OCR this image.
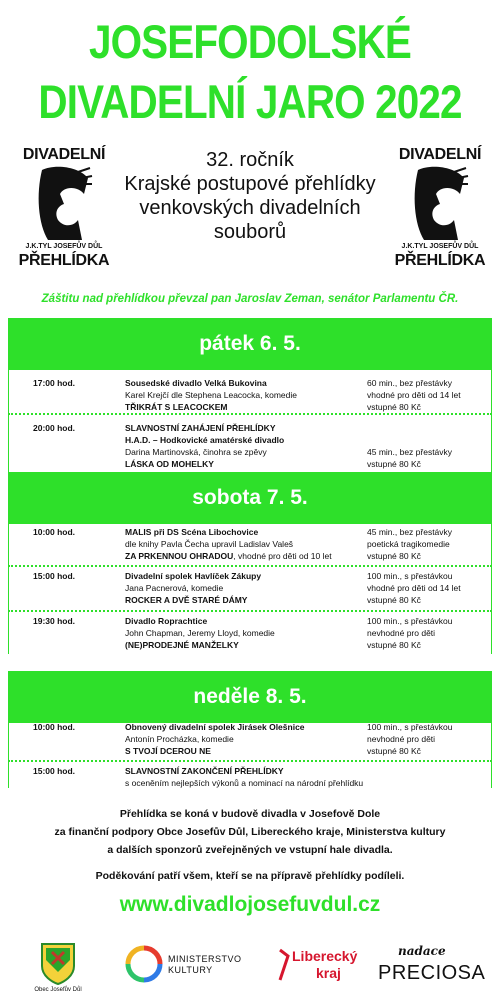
JOSEFODOLSKÉ
DIVADELNÍ JARO 2022
DIVADELNÍ
J.K.TYL JOSEFŮV DŮL
PŘEHLÍDKA
32. ročník
Krajské postupové přehlídky
venkovských divadelních
souborů
DIVADELNÍ
J.K.TYL JOSEFŮV DŮL
PŘEHLÍDKA
Záštitu nad přehlídkou převzal pan Jaroslav Zeman, senátor Parlamentu ČR.
pátek 6. 5.
17:00 hod.	Sousedské divadlo Velká Bukovina
Karel Krejčí dle Stephena Leacocka, komedie
TŘIKRÁT S LEACOCKEM
60 min., bez přestávky
vhodné pro děti od 14 let
vstupné 80 Kč
20:00 hod.	SLAVNOSTNÍ ZAHÁJENÍ PŘEHLÍDKY
H.A.D. – Hodkovické amatérské divadlo
Darina Martinovská, činohra se zpěvy
LÁSKA OD MOHELKY
45 min., bez přestávky
vstupné 80 Kč
sobota 7. 5.
10:00 hod.	MALIS při DS Scéna Libochovice
dle knihy Pavla Čecha upravil Ladislav Valeš
ZA PRKENNOU OHRADOU, vhodné pro děti od 10 let
45 min., bez přestávky
poetická tragikomedie
vstupné 80 Kč
15:00 hod.	Divadelní spolek Havlíček Zákupy
Jana Pacnerová, komedie
ROCKER A DVĚ STARÉ DÁMY
100 min., s přestávkou
vhodné pro děti od 14 let
vstupné 80 Kč
19:30 hod.	Divadlo Roprachtice
John Chapman, Jeremy Lloyd, komedie
(NE)PRODEJNÉ MANŽELKY
100 min., s přestávkou
nevhodné pro děti
vstupné 80 Kč
neděle 8. 5.
10:00 hod.	Obnovený divadelní spolek Jirásek Olešnice
Antonín Procházka, komedie
S TVOJÍ DCEROU NE
100 min., s přestávkou
nevhodné pro děti
vstupné 80 Kč
15:00 hod.	SLAVNOSTNÍ ZAKONČENÍ PŘEHLÍDKY
s oceněním nejlepších výkonů a nominací na národní přehlídku
Přehlídka se koná v budově divadla v Josefově Dole
za finanční podpory Obce Josefův Důl, Libereckého kraje, Ministerstva kultury
a dalších sponzorů zveřejněných ve vstupní hale divadla.
Poděkování patří všem, kteří se na přípravě přehlídky podíleli.
www.divadlojosefuvdul.cz
Obec Josefův Důl
MINISTERSTVO
KULTURY
Liberecký
kraj
nadace
PRECIOSA
